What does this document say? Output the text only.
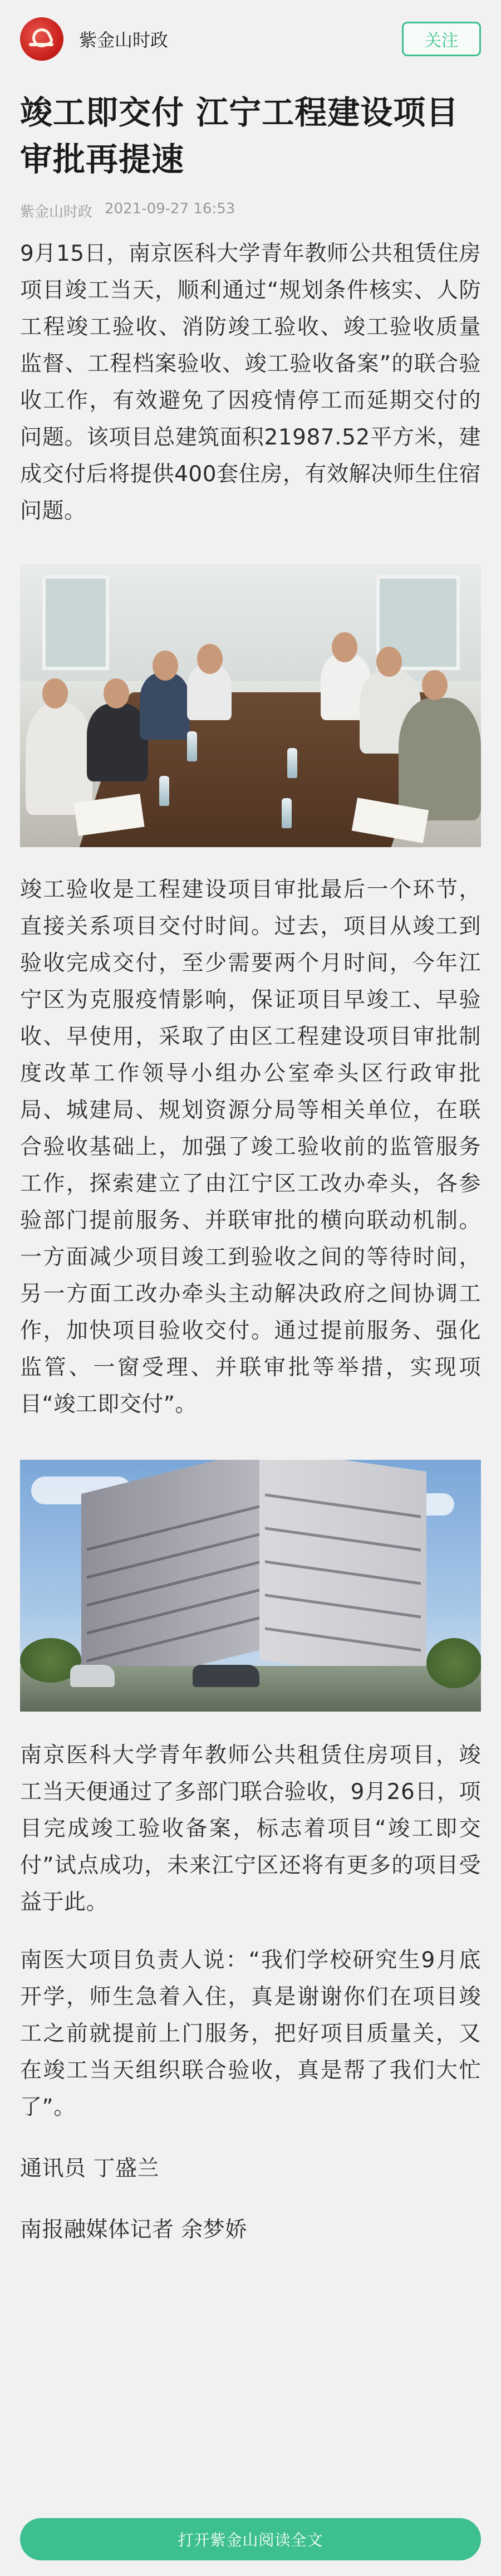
紫金山时政	关注
竣工即交付 江宁工程建设项目审批再提速
紫金山时政 2021-09-27 16:53

9月15日，南京医科大学青年教师公共租赁住房项目竣工当天，顺利通过“规划条件核实、人防工程竣工验收、消防竣工验收、竣工验收质量监督、工程档案验收、竣工验收备案”的联合验收工作，有效避免了因疫情停工而延期交付的问题。该项目总建筑面积21987.52平方米，建成交付后将提供400套住房，有效解决师生住宿问题。

竣工验收是工程建设项目审批最后一个环节，直接关系项目交付时间。过去，项目从竣工到验收完成交付，至少需要两个月时间，今年江宁区为克服疫情影响，保证项目早竣工、早验收、早使用，采取了由区工程建设项目审批制度改革工作领导小组办公室牵头区行政审批局、城建局、规划资源分局等相关单位，在联合验收基础上，加强了竣工验收前的监管服务工作，探索建立了由江宁区工改办牵头，各参验部门提前服务、并联审批的横向联动机制。一方面减少项目竣工到验收之间的等待时间，另一方面工改办牵头主动解决政府之间协调工作，加快项目验收交付。通过提前服务、强化监管、一窗受理、并联审批等举措，实现项目“竣工即交付”。

南京医科大学青年教师公共租赁住房项目，竣工当天便通过了多部门联合验收，9月26日，项目完成竣工验收备案，标志着项目“竣工即交付”试点成功，未来江宁区还将有更多的项目受益于此。

南医大项目负责人说：“我们学校研究生9月底开学，师生急着入住，真是谢谢你们在项目竣工之前就提前上门服务，把好项目质量关，又在竣工当天组织联合验收，真是帮了我们大忙了”。

通讯员 丁盛兰

南报融媒体记者 余梦娇

打开紫金山阅读全文
